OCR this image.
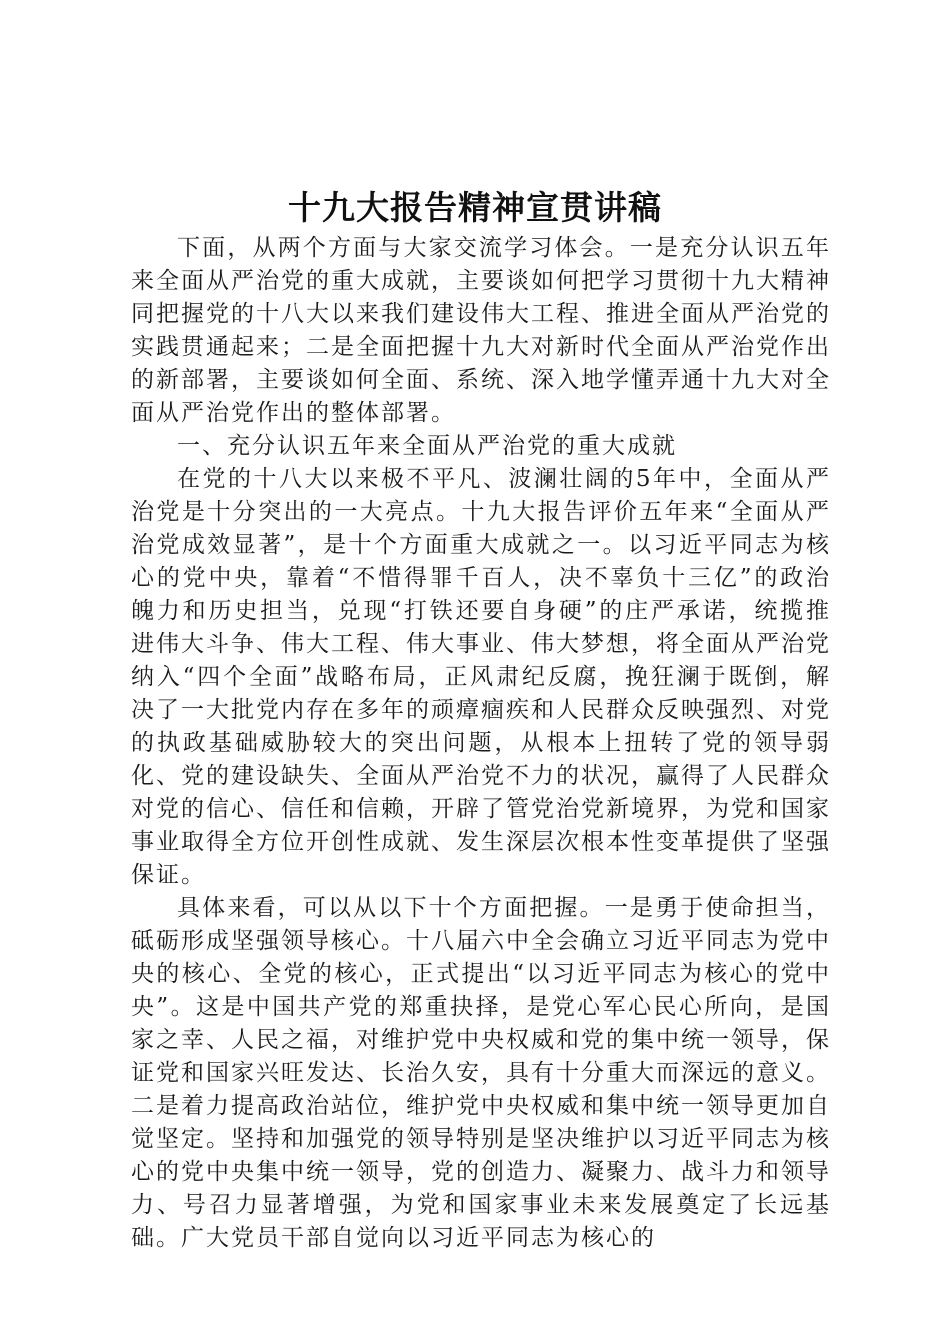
十九大报告精神宣贯讲稿

下面，从两个方面与大家交流学习体会。一是充分认识五年来全面从严治党的重大成就，主要谈如何把学习贯彻十九大精神同把握党的十八大以来我们建设伟大工程、推进全面从严治党的实践贯通起来；二是全面把握十九大对新时代全面从严治党作出的新部署，主要谈如何全面、系统、深入地学懂弄通十九大对全面从严治党作出的整体部署。

一、充分认识五年来全面从严治党的重大成就

在党的十八大以来极不平凡、波澜壮阔的5年中，全面从严治党是十分突出的一大亮点。十九大报告评价五年来“全面从严治党成效显著”，是十个方面重大成就之一。以习近平同志为核心的党中央，靠着“不惜得罪千百人，决不辜负十三亿”的政治魄力和历史担当，兑现“打铁还要自身硬”的庄严承诺，统揽推进伟大斗争、伟大工程、伟大事业、伟大梦想，将全面从严治党纳入“四个全面”战略布局，正风肃纪反腐，挽狂澜于既倒，解决了一大批党内存在多年的顽瘴痼疾和人民群众反映强烈、对党的执政基础威胁较大的突出问题，从根本上扭转了党的领导弱化、党的建设缺失、全面从严治党不力的状况，赢得了人民群众对党的信心、信任和信赖，开辟了管党治党新境界，为党和国家事业取得全方位开创性成就、发生深层次根本性变革提供了坚强保证。

具体来看，可以从以下十个方面把握。一是勇于使命担当，砥砺形成坚强领导核心。十八届六中全会确立习近平同志为党中央的核心、全党的核心，正式提出“以习近平同志为核心的党中央”。这是中国共产党的郑重抉择，是党心军心民心所向，是国家之幸、人民之福，对维护党中央权威和党的集中统一领导，保证党和国家兴旺发达、长治久安，具有十分重大而深远的意义。二是着力提高政治站位，维护党中央权威和集中统一领导更加自觉坚定。坚持和加强党的领导特别是坚决维护以习近平同志为核心的党中央集中统一领导，党的创造力、凝聚力、战斗力和领导力、号召力显著增强，为党和国家事业未来发展奠定了长远基础。广大党员干部自觉向以习近平同志为核心的
